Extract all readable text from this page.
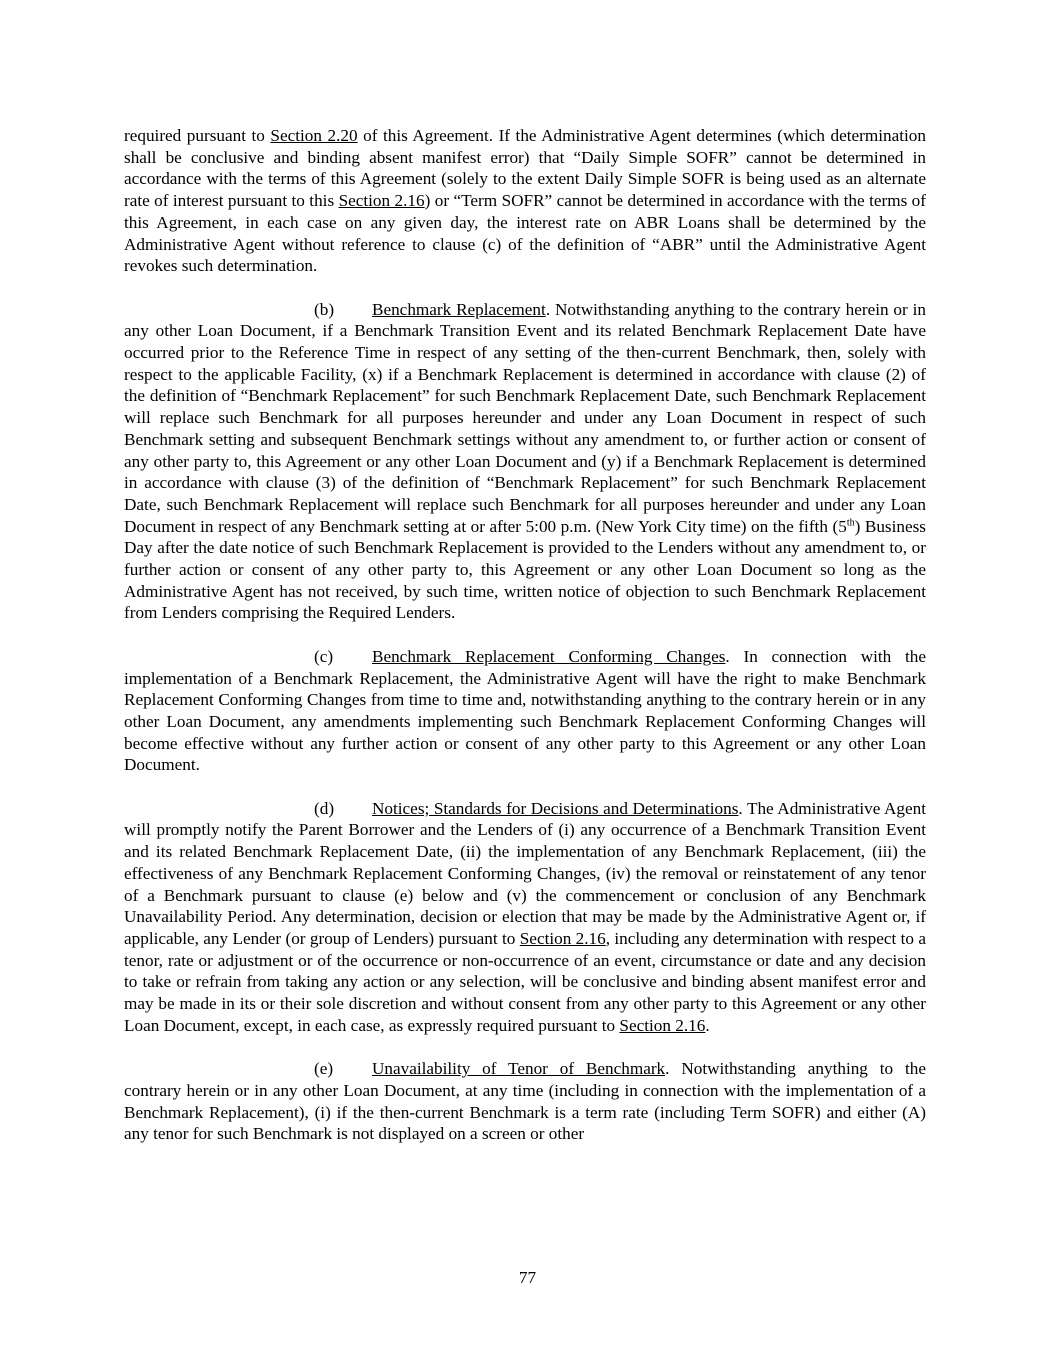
required pursuant to Section 2.20 of this Agreement. If the Administrative Agent determines (which determination shall be conclusive and binding absent manifest error) that “Daily Simple SOFR” cannot be determined in accordance with the terms of this Agreement (solely to the extent Daily Simple SOFR is being used as an alternate rate of interest pursuant to this Section 2.16) or “Term SOFR” cannot be determined in accordance with the terms of this Agreement, in each case on any given day, the interest rate on ABR Loans shall be determined by the Administrative Agent without reference to clause (c) of the definition of “ABR” until the Administrative Agent revokes such determination.

(b) Benchmark Replacement. Notwithstanding anything to the contrary herein or in any other Loan Document, if a Benchmark Transition Event and its related Benchmark Replacement Date have occurred prior to the Reference Time in respect of any setting of the then-current Benchmark, then, solely with respect to the applicable Facility, (x) if a Benchmark Replacement is determined in accordance with clause (2) of the definition of “Benchmark Replacement” for such Benchmark Replacement Date, such Benchmark Replacement will replace such Benchmark for all purposes hereunder and under any Loan Document in respect of such Benchmark setting and subsequent Benchmark settings without any amendment to, or further action or consent of any other party to, this Agreement or any other Loan Document and (y) if a Benchmark Replacement is determined in accordance with clause (3) of the definition of “Benchmark Replacement” for such Benchmark Replacement Date, such Benchmark Replacement will replace such Benchmark for all purposes hereunder and under any Loan Document in respect of any Benchmark setting at or after 5:00 p.m. (New York City time) on the fifth (5th) Business Day after the date notice of such Benchmark Replacement is provided to the Lenders without any amendment to, or further action or consent of any other party to, this Agreement or any other Loan Document so long as the Administrative Agent has not received, by such time, written notice of objection to such Benchmark Replacement from Lenders comprising the Required Lenders.

(c) Benchmark Replacement Conforming Changes. In connection with the implementation of a Benchmark Replacement, the Administrative Agent will have the right to make Benchmark Replacement Conforming Changes from time to time and, notwithstanding anything to the contrary herein or in any other Loan Document, any amendments implementing such Benchmark Replacement Conforming Changes will become effective without any further action or consent of any other party to this Agreement or any other Loan Document.

(d) Notices; Standards for Decisions and Determinations. The Administrative Agent will promptly notify the Parent Borrower and the Lenders of (i) any occurrence of a Benchmark Transition Event and its related Benchmark Replacement Date, (ii) the implementation of any Benchmark Replacement, (iii) the effectiveness of any Benchmark Replacement Conforming Changes, (iv) the removal or reinstatement of any tenor of a Benchmark pursuant to clause (e) below and (v) the commencement or conclusion of any Benchmark Unavailability Period. Any determination, decision or election that may be made by the Administrative Agent or, if applicable, any Lender (or group of Lenders) pursuant to Section 2.16, including any determination with respect to a tenor, rate or adjustment or of the occurrence or non-occurrence of an event, circumstance or date and any decision to take or refrain from taking any action or any selection, will be conclusive and binding absent manifest error and may be made in its or their sole discretion and without consent from any other party to this Agreement or any other Loan Document, except, in each case, as expressly required pursuant to Section 2.16.

(e) Unavailability of Tenor of Benchmark. Notwithstanding anything to the contrary herein or in any other Loan Document, at any time (including in connection with the implementation of a Benchmark Replacement), (i) if the then-current Benchmark is a term rate (including Term SOFR) and either (A) any tenor for such Benchmark is not displayed on a screen or other

77
